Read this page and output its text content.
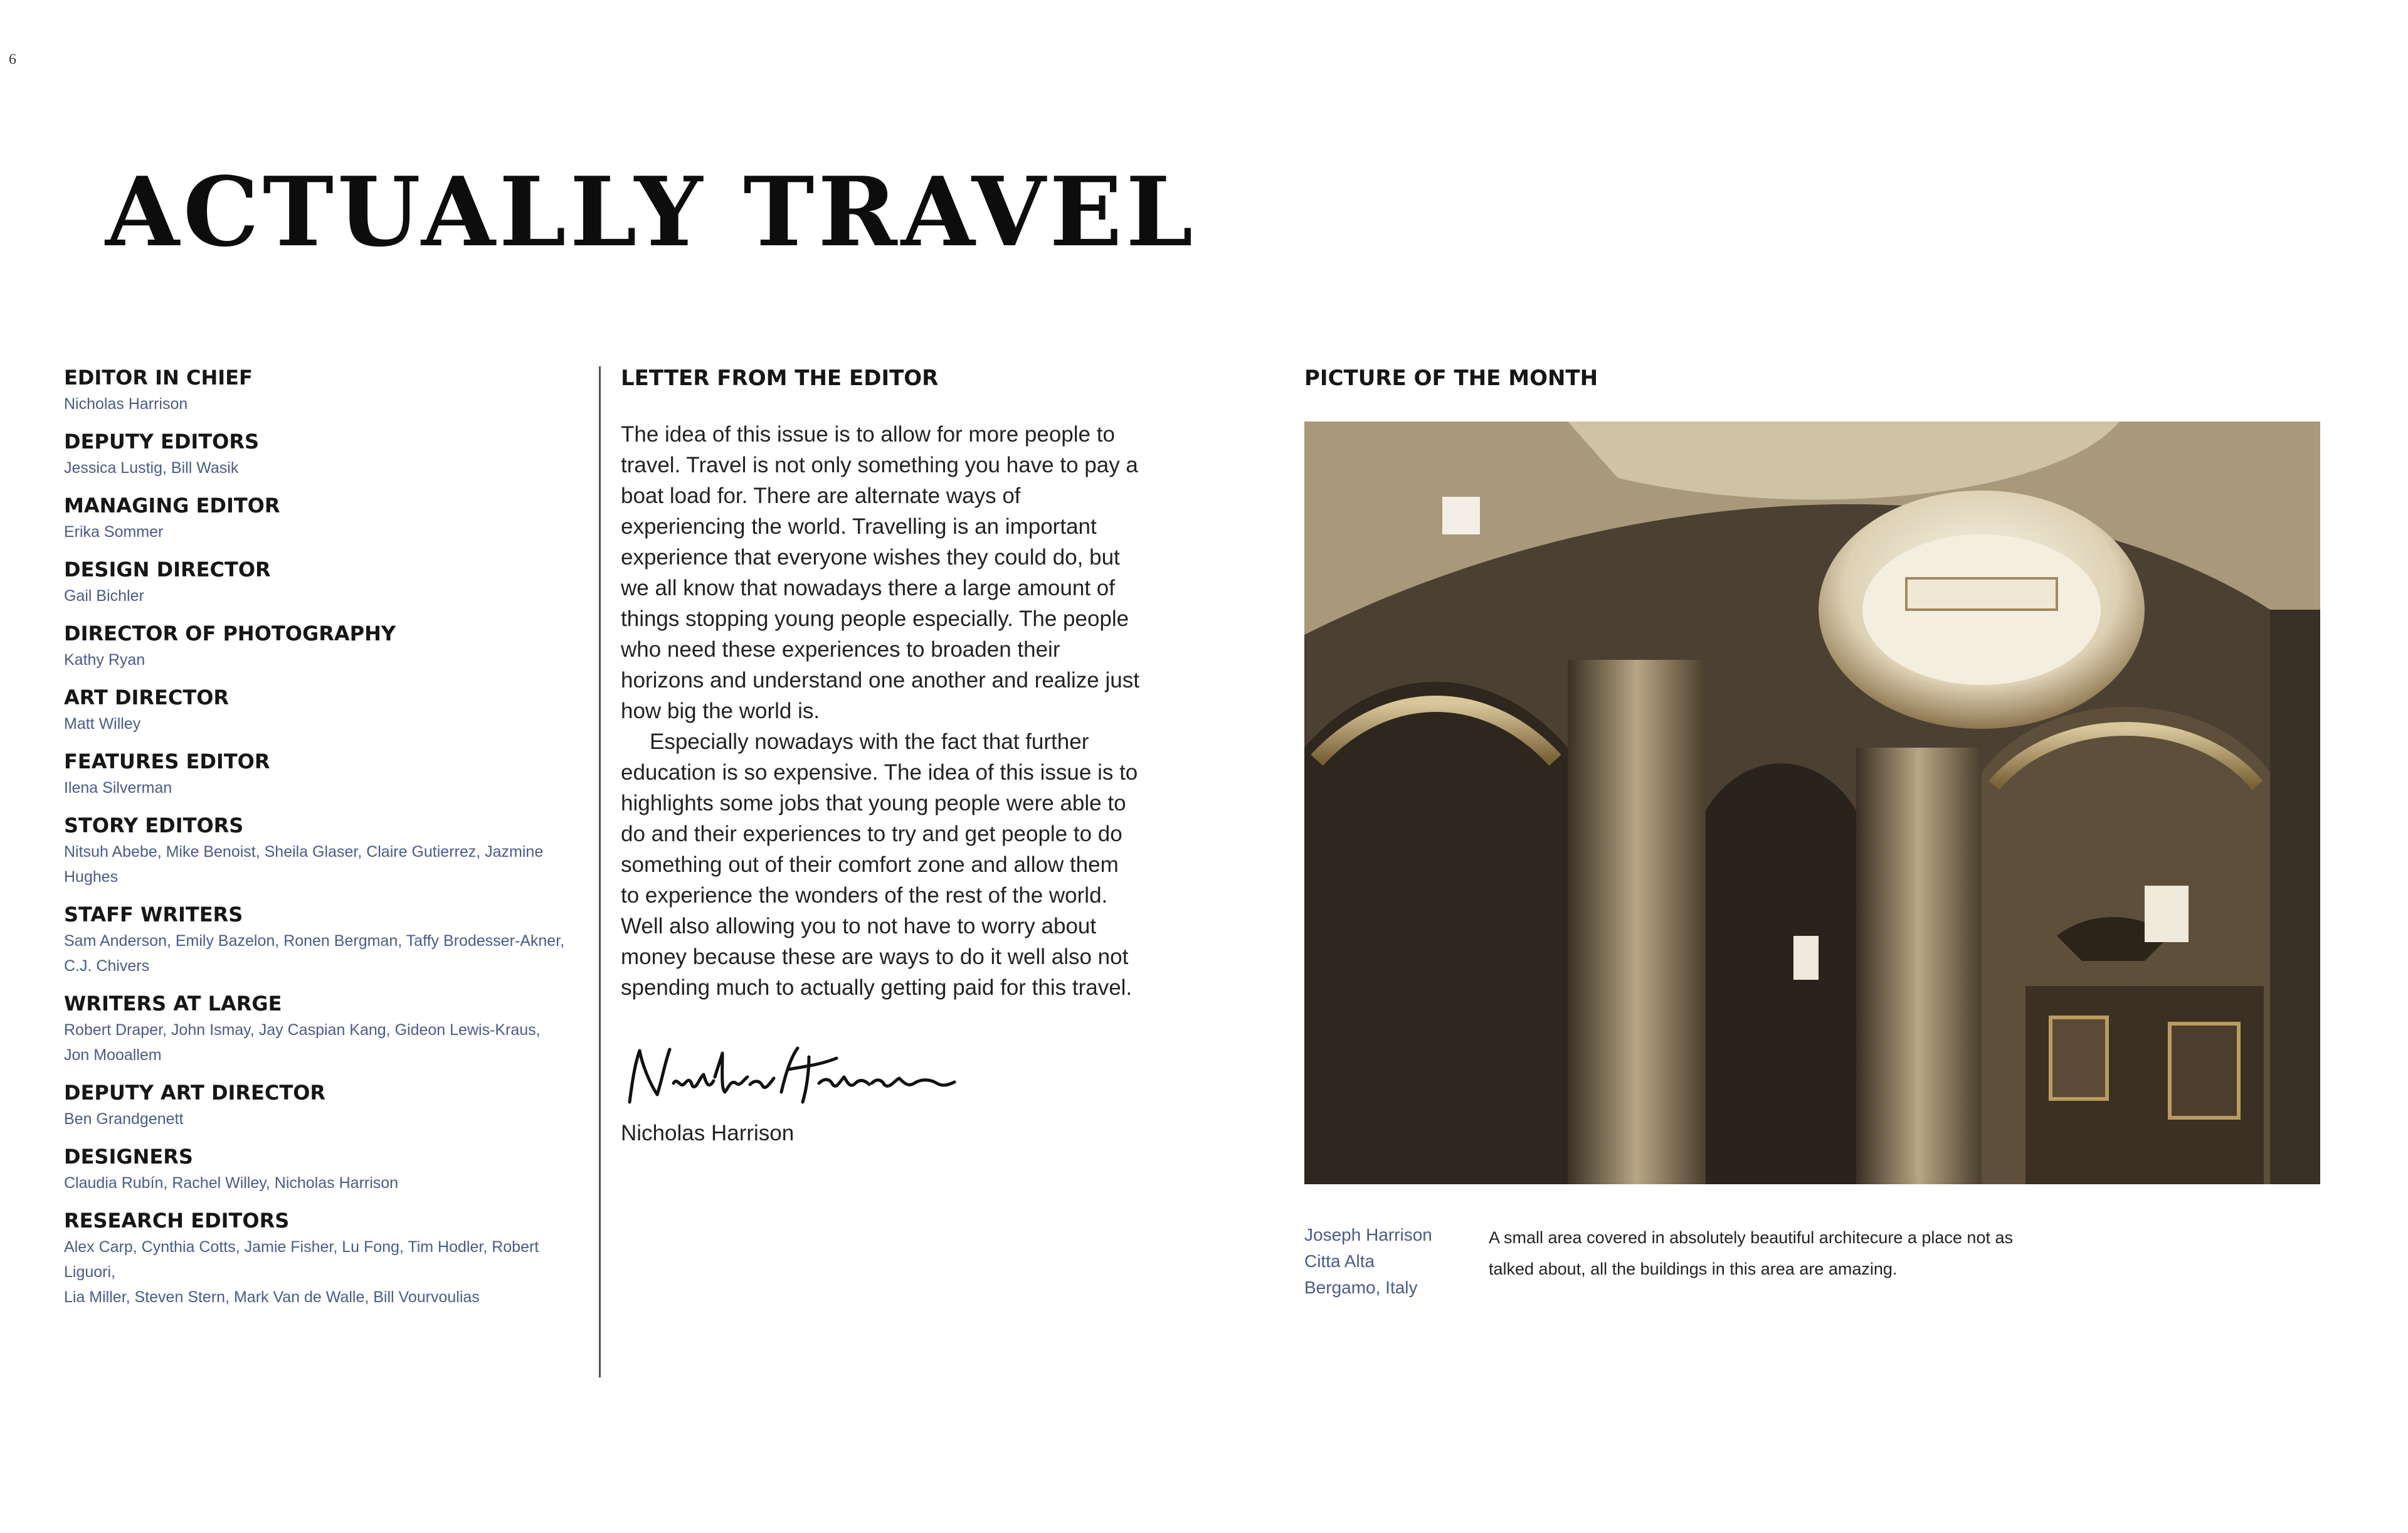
6
ACTUALLY TRAVEL
EDITOR IN CHIEF
Nicholas Harrison
DEPUTY EDITORS
Jessica Lustig, Bill Wasik
MANAGING EDITOR
Erika Sommer
DESIGN DIRECTOR
Gail Bichler
DIRECTOR OF PHOTOGRAPHY
Kathy Ryan
ART DIRECTOR
Matt Willey
FEATURES EDITOR
Ilena Silverman
STORY EDITORS
Nitsuh Abebe, Mike Benoist, Sheila Glaser, Claire Gutierrez, Jazmine Hughes
STAFF WRITERS
Sam Anderson, Emily Bazelon, Ronen Bergman, Taffy Brodesser-Akner,
C.J. Chivers
WRITERS AT LARGE
Robert Draper, John Ismay, Jay Caspian Kang, Gideon Lewis-Kraus,
Jon Mooallem
DEPUTY ART DIRECTOR
Ben Grandgenett
DESIGNERS
Claudia Rubín, Rachel Willey, Nicholas Harrison
RESEARCH EDITORS
Alex Carp, Cynthia Cotts, Jamie Fisher, Lu Fong, Tim Hodler, Robert Liguori,
Lia Miller, Steven Stern, Mark Van de Walle, Bill Vourvoulias
LETTER FROM THE EDITOR

The idea of this issue is to allow for more people to travel. Travel is not only something you have to pay a boat load for. There are alternate ways of experiencing the world. Travelling is an important experience that everyone wishes they could do, but we all know that nowadays there a large amount of things stopping young people especially. The people who need these experiences to broaden their horizons and understand one another and realize just how big the world is.

Especially nowadays with the fact that further education is so expensive. The idea of this issue is to highlights some jobs that young people were able to do and their experiences to try and get people to do something out of their comfort zone and allow them to experience the wonders of the rest of the world. Well also allowing you to not have to worry about money because these are ways to do it well also not spending much to actually getting paid for this travel.

Nicholas Harrison
PICTURE OF THE MONTH
Joseph Harrison
Citta Alta
Bergamo, Italy
A small area covered in absolutely beautiful architecure a place not as talked about, all the buildings in this area are amazing.
